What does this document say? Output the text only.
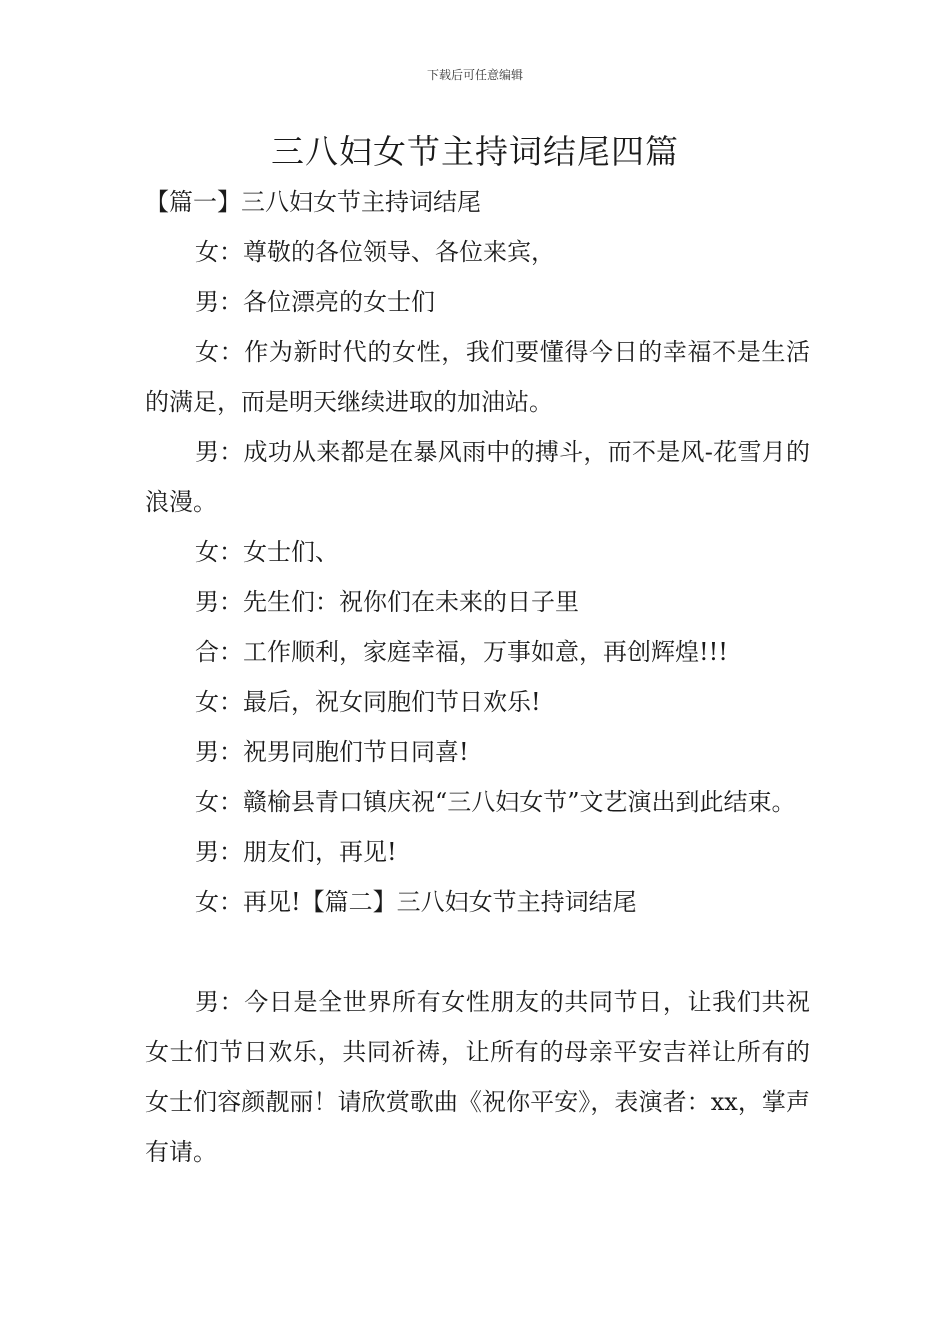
下载后可任意编辑
三八妇女节主持词结尾四篇

【篇一】三八妇女节主持词结尾

女：尊敬的各位领导、各位来宾，

男：各位漂亮的女士们

女：作为新时代的女性，我们要懂得今日的幸福不是生活的满足，而是明天继续进取的加油站。

男：成功从来都是在暴风雨中的搏斗，而不是风-花雪月的浪漫。

女：女士们、

男：先生们：祝你们在未来的日子里

合：工作顺利，家庭幸福，万事如意，再创辉煌!!!

女：最后，祝女同胞们节日欢乐!

男：祝男同胞们节日同喜!

女：赣榆县青口镇庆祝“三八妇女节”文艺演出到此结束。

男：朋友们，再见!

女：再见!【篇二】三八妇女节主持词结尾

男：今日是全世界所有女性朋友的共同节日，让我们共祝女士们节日欢乐，共同祈祷，让所有的母亲平安吉祥让所有的女士们容颜靓丽！请欣赏歌曲《祝你平安》，表演者：xx，掌声有请。
